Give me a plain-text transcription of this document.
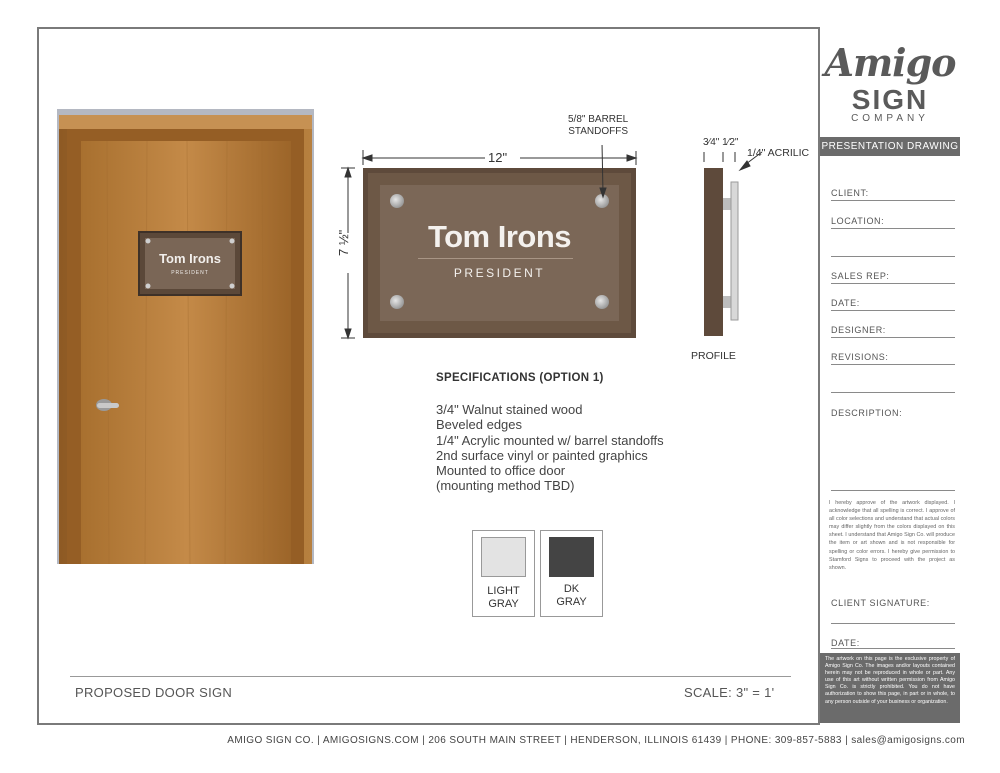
Amigo
SIGN
COMPANY
PRESENTATION DRAWING
CLIENT:
LOCATION:
SALES REP:
DATE:
DESIGNER:
REVISIONS:
DESCRIPTION:
I hereby approve of the artwork displayed. I acknowledge that all spelling is correct. I approve of all color selections and understand that actual colors may differ slightly from the colors displayed on this sheet. I understand that Amigo Sign Co. will produce the item or art shown and is not responsible for spelling or color errors. I hereby give permission to Stamford Signs to proceed with the project as shown.
CLIENT SIGNATURE:
DATE:
The artwork on this page is the exclusive property of Amigo Sign Co. The images and/or layouts contained herein may not be reproduced in whole or part. Any use of this art without written permission from Amigo Sign Co. is strictly prohibited. You do not have authorization to show this page, in part or in whole, to any person outside of your business or organization.
Tom Irons
PRESIDENT
Tom Irons
PRESIDENT
12"
7 ½"
5/8" BARREL
STANDOFFS
3⁄4" 1⁄2"
1/4" ACRILIC
PROFILE
SPECIFICATIONS (OPTION 1)
3/4" Walnut stained wood
Beveled edges
1/4" Acrylic mounted w/ barrel standoffs
2nd surface vinyl or painted graphics
Mounted to office door
(mounting method TBD)
LIGHT
GRAY
DK
GRAY
PROPOSED DOOR SIGN	SCALE: 3" = 1'
AMIGO SIGN CO. | AMIGOSIGNS.COM | 206 SOUTH MAIN STREET | HENDERSON, ILLINOIS 61439 | PHONE: 309-857-5883 | sales@amigosigns.com
